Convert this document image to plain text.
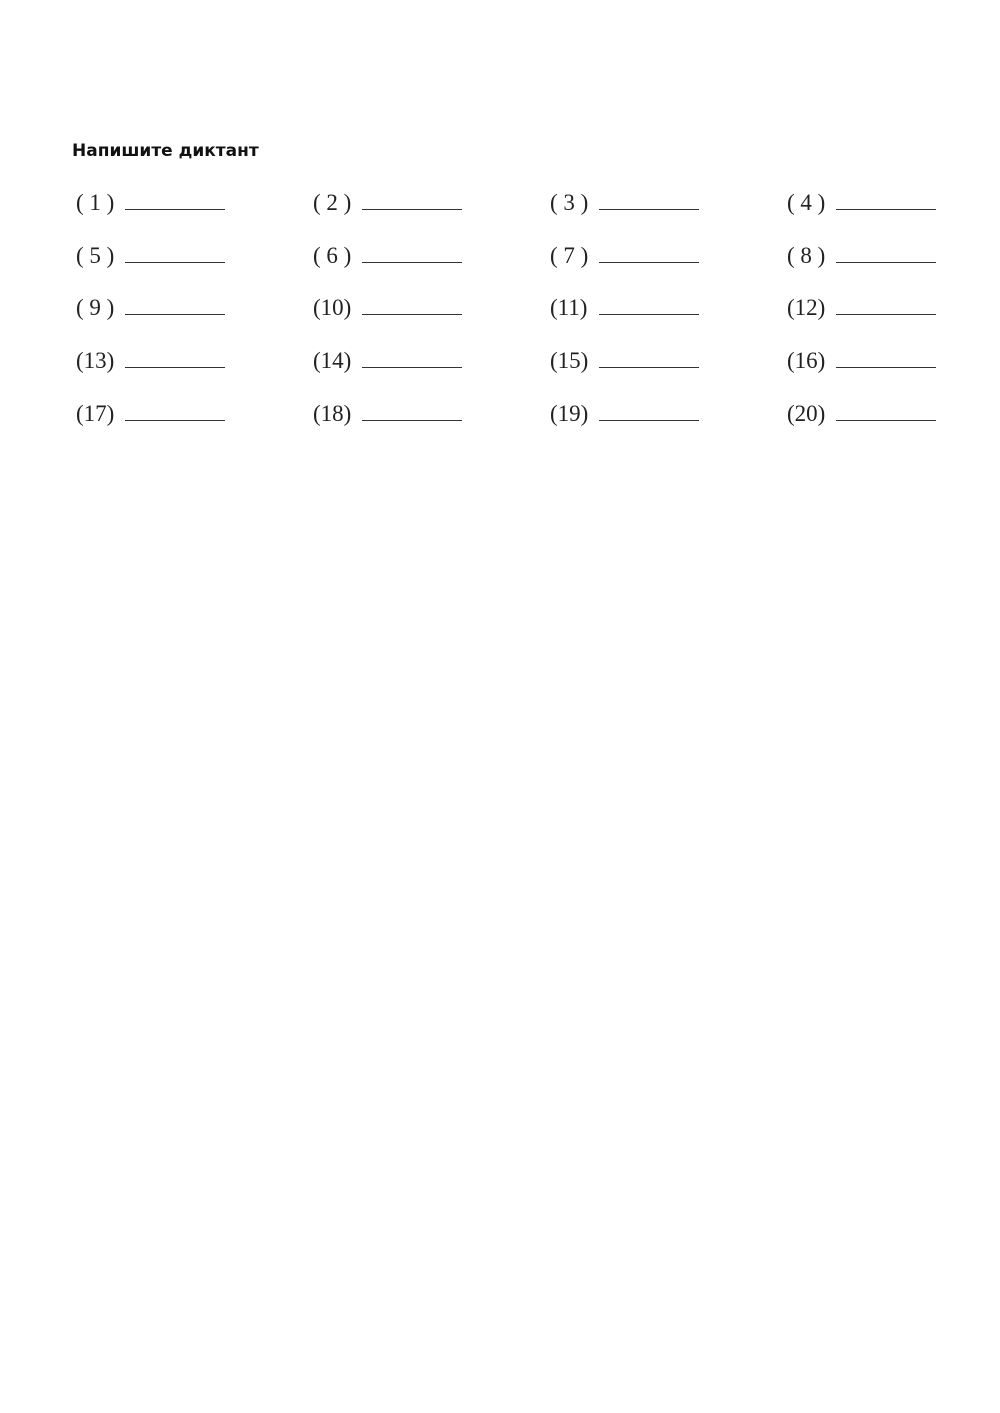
Напишите диктант
( 1 )	( 2 )	( 3 )	( 4 )
( 5 )	( 6 )	( 7 )	( 8 )
( 9 )	(10)	(11)	(12)
(13)	(14)	(15)	(16)
(17)	(18)	(19)	(20)
